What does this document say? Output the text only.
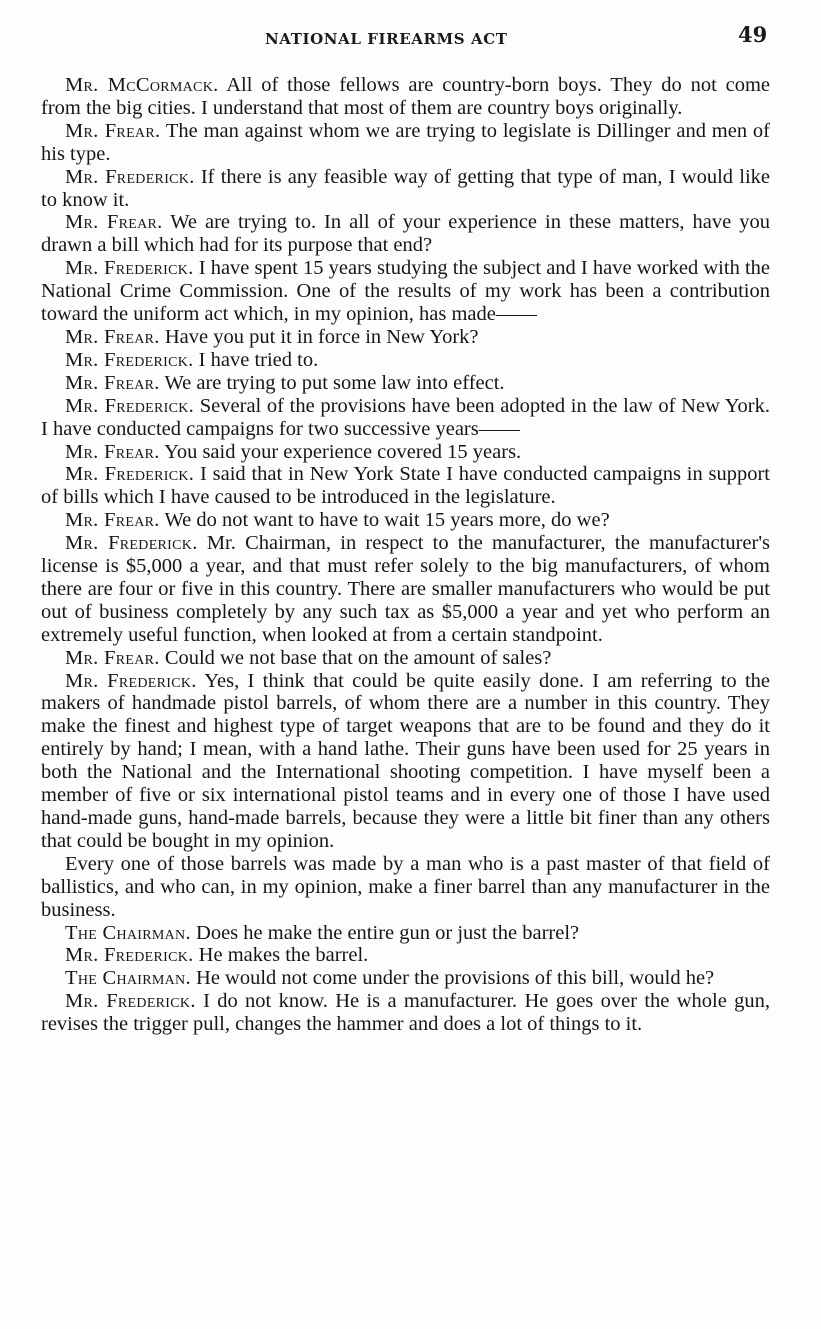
NATIONAL FIREARMS ACT	49

Mr. McCormack. All of those fellows are country-born boys. They do not come from the big cities. I understand that most of them are country boys originally.

Mr. Frear. The man against whom we are trying to legislate is Dillinger and men of his type.

Mr. Frederick. If there is any feasible way of getting that type of man, I would like to know it.

Mr. Frear. We are trying to. In all of your experience in these matters, have you drawn a bill which had for its purpose that end?

Mr. Frederick. I have spent 15 years studying the subject and I have worked with the National Crime Commission. One of the results of my work has been a contribution toward the uniform act which, in my opinion, has made——

Mr. Frear. Have you put it in force in New York?

Mr. Frederick. I have tried to.

Mr. Frear. We are trying to put some law into effect.

Mr. Frederick. Several of the provisions have been adopted in the law of New York. I have conducted campaigns for two successive years——

Mr. Frear. You said your experience covered 15 years.

Mr. Frederick. I said that in New York State I have conducted campaigns in support of bills which I have caused to be introduced in the legislature.

Mr. Frear. We do not want to have to wait 15 years more, do we?

Mr. Frederick. Mr. Chairman, in respect to the manufacturer, the manufacturer's license is $5,000 a year, and that must refer solely to the big manufacturers, of whom there are four or five in this country. There are smaller manufacturers who would be put out of business completely by any such tax as $5,000 a year and yet who perform an extremely useful function, when looked at from a certain standpoint.

Mr. Frear. Could we not base that on the amount of sales?

Mr. Frederick. Yes, I think that could be quite easily done. I am referring to the makers of handmade pistol barrels, of whom there are a number in this country. They make the finest and highest type of target weapons that are to be found and they do it entirely by hand; I mean, with a hand lathe. Their guns have been used for 25 years in both the National and the International shooting competition. I have myself been a member of five or six international pistol teams and in every one of those I have used hand-made guns, hand-made barrels, because they were a little bit finer than any others that could be bought in my opinion.

Every one of those barrels was made by a man who is a past master of that field of ballistics, and who can, in my opinion, make a finer barrel than any manufacturer in the business.

The Chairman. Does he make the entire gun or just the barrel?

Mr. Frederick. He makes the barrel.

The Chairman. He would not come under the provisions of this bill, would he?

Mr. Frederick. I do not know. He is a manufacturer. He goes over the whole gun, revises the trigger pull, changes the hammer and does a lot of things to it.
